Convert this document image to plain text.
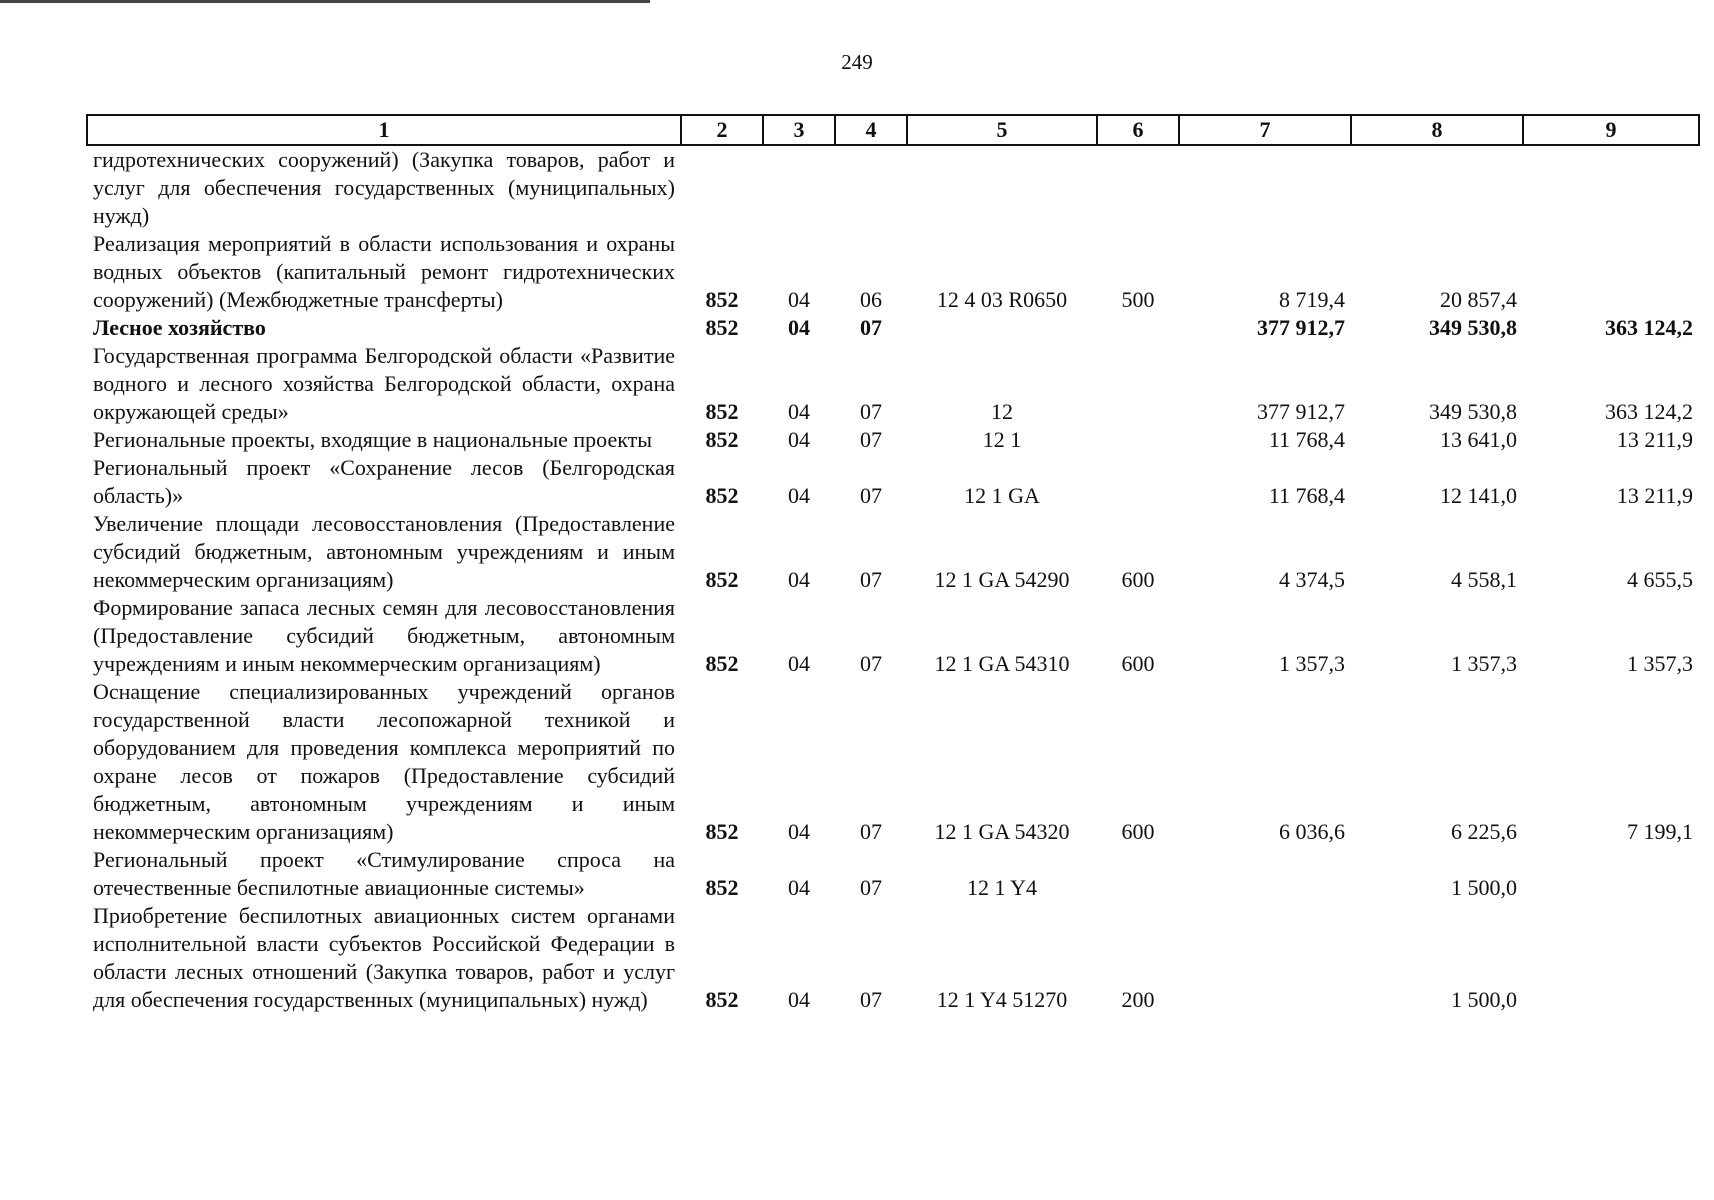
249
1	2	3	4	5	6	7	8	9
гидротехнических сооружений) (Закупка товаров, работ и услуг для обеспечения государственных (муниципальных) нужд)								
Реализация мероприятий в области использования и охраны водных объектов (капитальный ремонт гидротехнических сооружений) (Межбюджетные трансферты)	852	04	06	12 4 03 R0650	500	8 719,4	20 857,4	
Лесное хозяйство	852	04	07			377 912,7	349 530,8	363 124,2
Государственная программа Белгородской области «Развитие водного и лесного хозяйства Белгородской области, охрана окружающей среды»	852	04	07	12		377 912,7	349 530,8	363 124,2
Региональные проекты, входящие в национальные проекты	852	04	07	12 1		11 768,4	13 641,0	13 211,9
Региональный проект «Сохранение лесов (Белгородская область)»	852	04	07	12 1 GA		11 768,4	12 141,0	13 211,9
Увеличение площади лесовосстановления (Предоставление субсидий бюджетным, автономным учреждениям и иным некоммерческим организациям)	852	04	07	12 1 GA 54290	600	4 374,5	4 558,1	4 655,5
Формирование запаса лесных семян для лесовосстановления (Предоставление субсидий бюджетным, автономным учреждениям и иным некоммерческим организациям)	852	04	07	12 1 GA 54310	600	1 357,3	1 357,3	1 357,3
Оснащение специализированных учреждений органов государственной власти лесопожарной техникой и оборудованием для проведения комплекса мероприятий по охране лесов от пожаров (Предоставление субсидий бюджетным, автономным учреждениям и иным некоммерческим организациям)	852	04	07	12 1 GA 54320	600	6 036,6	6 225,6	7 199,1
Региональный проект «Стимулирование спроса на отечественные беспилотные авиационные системы»	852	04	07	12 1 Y4			1 500,0	
Приобретение беспилотных авиационных систем органами исполнительной власти субъектов Российской Федерации в области лесных отношений (Закупка товаров, работ и услуг для обеспечения государственных (муниципальных) нужд)	852	04	07	12 1 Y4 51270	200		1 500,0	
